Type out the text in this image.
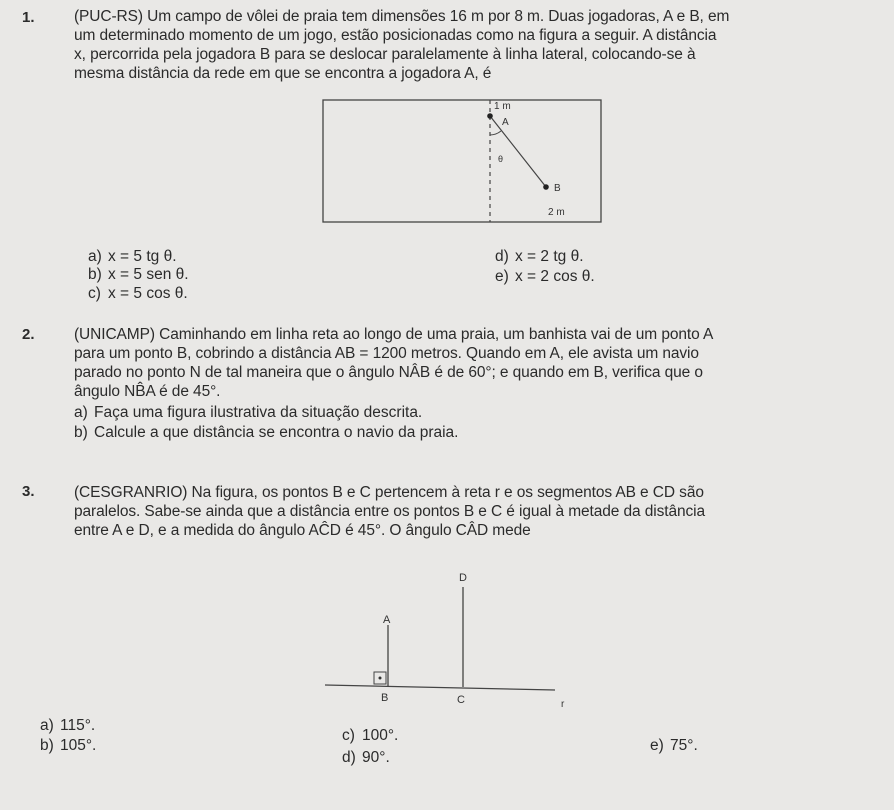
1.	(PUC-RS) Um campo de vôlei de praia tem dimensões 16 m por 8 m. Duas jogadoras, A e B, em
um determinado momento de um jogo, estão posicionadas como na figura a seguir. A distância
x, percorrida pela jogadora B para se deslocar paralelamente à linha lateral, colocando-se à
mesma distância da rede em que se encontra a jogadora A, é
1 m
A
θ
B
2 m
a) x = 5 tg θ.
b) x = 5 sen θ.
c) x = 5 cos θ.
d) x = 2 tg θ.
e) x = 2 cos θ.
2.	(UNICAMP) Caminhando em linha reta ao longo de uma praia, um banhista vai de um ponto A
para um ponto B, cobrindo a distância AB = 1200 metros. Quando em A, ele avista um navio
parado no ponto N de tal maneira que o ângulo NÂB é de 60°; e quando em B, verifica que o
ângulo NB̂A é de 45°.
a) Faça uma figura ilustrativa da situação descrita.
b) Calcule a que distância se encontra o navio da praia.
3.	(CESGRANRIO) Na figura, os pontos B e C pertencem à reta r e os segmentos AB e CD são
paralelos. Sabe-se ainda que a distância entre os pontos B e C é igual à metade da distância
entre A e D, e a medida do ângulo AĈD é 45°. O ângulo CÂD mede
D
A
B	C	r
a) 115°.
b) 105°.
c) 100°.
d) 90°.
e) 75°.
